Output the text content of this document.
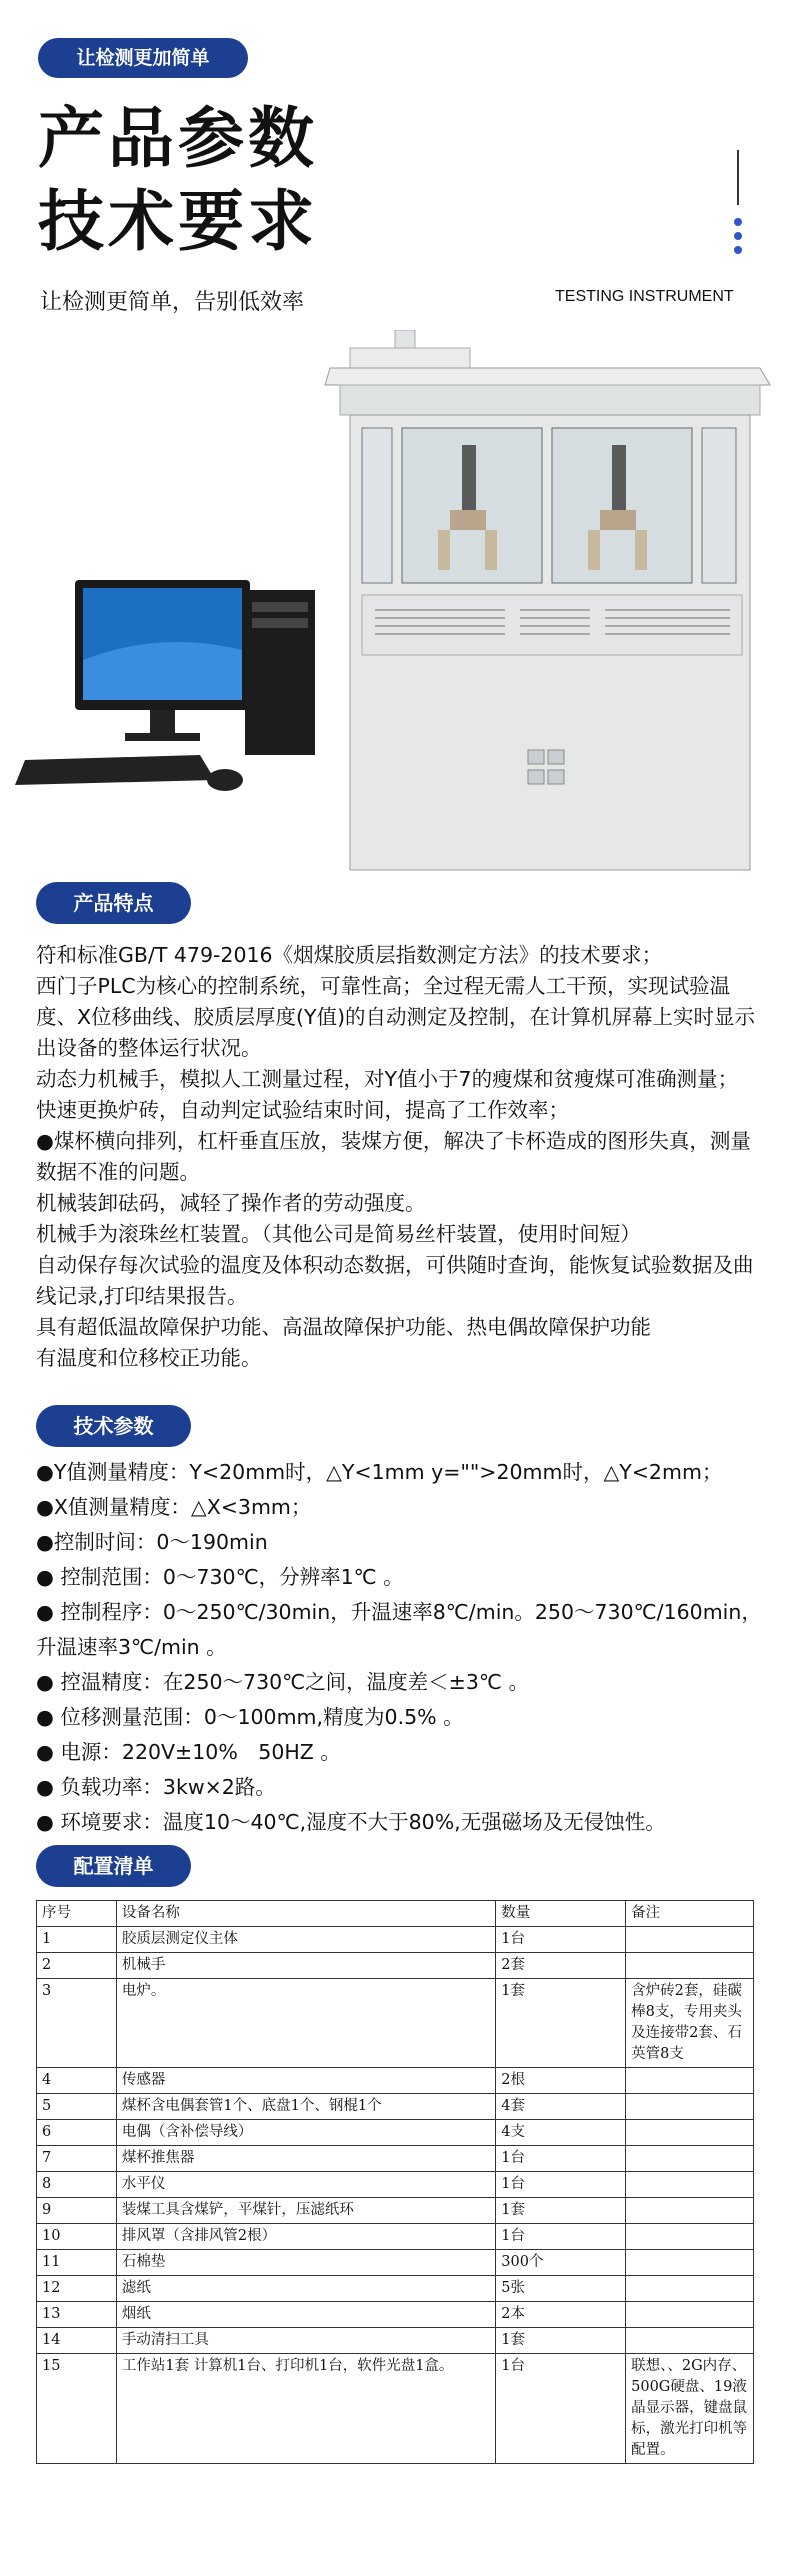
让检测更加简单
产品参数
技术要求
让检测更简单，告别低效率	TESTING INSTRUMENT
产品特点

符和标准GB/T 479-2016《烟煤胶质层指数测定方法》的技术要求；

西门子PLC为核心的控制系统，可靠性高；全过程无需人工干预，实现试验温度、X位移曲线、胶质层厚度(Y值)的自动测定及控制，在计算机屏幕上实时显示出设备的整体运行状况。

动态力机械手，模拟人工测量过程，对Y值小于7的瘦煤和贫瘦煤可准确测量；

快速更换炉砖，自动判定试验结束时间，提高了工作效率；

●煤杯横向排列，杠杆垂直压放，装煤方便，解决了卡杯造成的图形失真，测量数据不准的问题。

机械装卸砝码，减轻了操作者的劳动强度。

机械手为滚珠丝杠装置。（其他公司是简易丝杆装置，使用时间短）

自动保存每次试验的温度及体积动态数据，可供随时查询，能恢复试验数据及曲线记录,打印结果报告。

具有超低温故障保护功能、高温故障保护功能、热电偶故障保护功能

有温度和位移校正功能。

技术参数

●Y值测量精度：Y<20mm时，△Y<1mm y="">20mm时，△Y<2mm；

●X值测量精度：△X<3mm；

●控制时间：0～190min

● 控制范围：0～730℃，分辨率1℃ 。

● 控制程序：0～250℃/30min，升温速率8℃/min。250～730℃/160min，升温速率3℃/min 。

● 控温精度：在250～730℃之间，温度差＜±3℃ 。

● 位移测量范围：0～100mm,精度为0.5% 。

● 电源：220V±10%　50HZ 。

● 负载功率：3kw×2路。

● 环境要求：温度10～40℃,湿度不大于80%,无强磁场及无侵蚀性。

配置清单
序号	设备名称	数量	备注
1	胶质层测定仪主体	1台	
2	机械手	2套	
3	电炉。	1套	含炉砖2套，硅碳棒8支，专用夹头及连接带2套、石英管8支
4	传感器	2根	
5	煤杯含电偶套管1个、底盘1个、钢棍1个	4套	
6	电偶（含补偿导线）	4支	
7	煤杯推焦器	1台	
8	水平仪	1台	
9	装煤工具含煤铲，平煤针，压滤纸环	1套	
10	排风罩（含排风管2根）	1台	
11	石棉垫	300个	
12	滤纸	5张	
13	烟纸	2本	
14	手动清扫工具	1套	
15	工作站1套 计算机1台、打印机1台，软件光盘1盒。	1台	联想、、2G内存、500G硬盘、19液晶显示器，键盘鼠标，激光打印机等配置。
